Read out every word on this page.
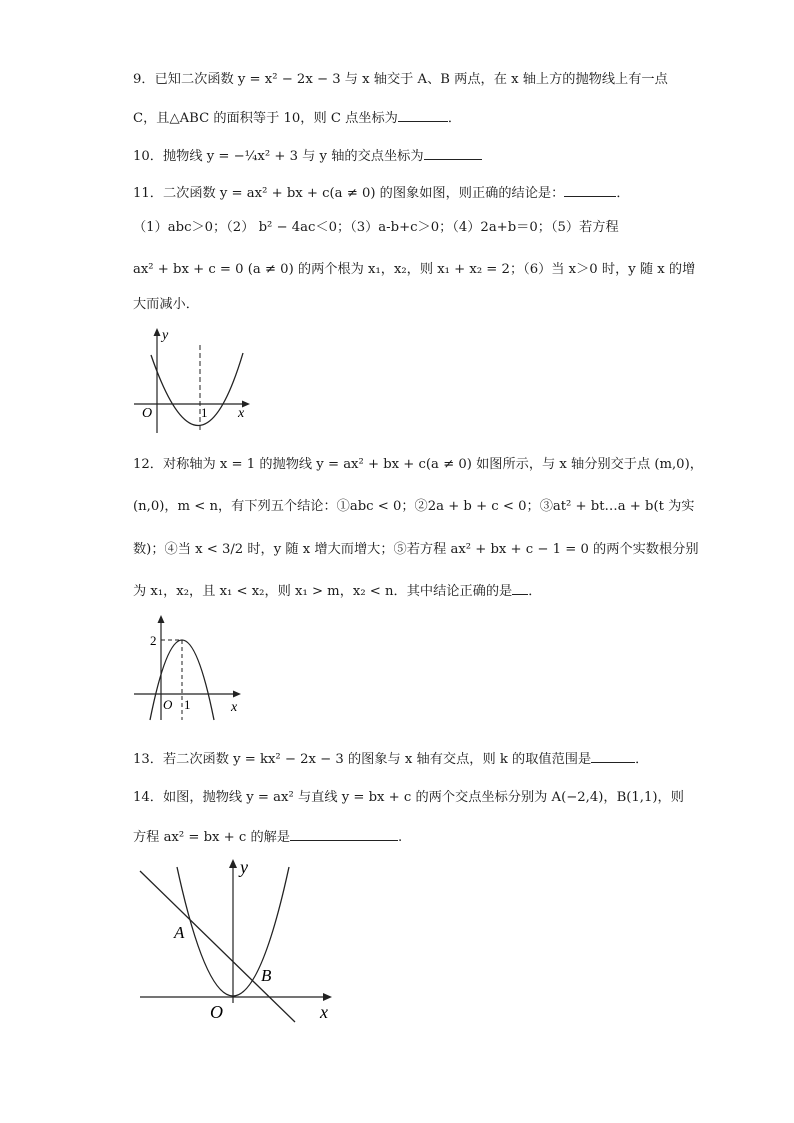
9．已知二次函数 y = x² − 2x − 3 与 x 轴交于 A、B 两点，在 x 轴上方的抛物线上有一点
C，且△ABC 的面积等于 10，则 C 点坐标为	．
10．抛物线 y = −¼x² + 3 与 y 轴的交点坐标为
11．二次函数 y = ax² + bx + c(a ≠ 0) 的图象如图，则正确的结论是：	．
（1）abc＞0；（2） b² − 4ac＜0；（3）a-b+c＞0；（4）2a+b＝0；（5）若方程
ax² + bx + c = 0 (a ≠ 0) 的两个根为 x₁，x₂，则 x₁ + x₂ = 2；（6）当 x＞0 时，y 随 x 的增
大而减小．
y
x
O	1
12．对称轴为 x = 1 的抛物线 y = ax² + bx + c(a ≠ 0) 如图所示，与 x 轴分别交于点 (m,0)，
(n,0)，m < n，有下列五个结论：①abc < 0；②2a + b + c < 0；③at² + bt…a + b(t 为实
数)；④当 x < 3/2 时，y 随 x 增大而增大；⑤若方程 ax² + bx + c − 1 = 0 的两个实数根分别
为 x₁，x₂，且 x₁ < x₂，则 x₁ > m，x₂ < n．其中结论正确的是 ．
2
x
O 1
13．若二次函数 y = kx² − 2x − 3 的图象与 x 轴有交点，则 k 的取值范围是	．
14．如图，抛物线 y = ax² 与直线 y = bx + c 的两个交点坐标分别为 A(−2,4)，B(1,1)，则
方程 ax² = bx + c 的解是	.
y
x
O
A
B
